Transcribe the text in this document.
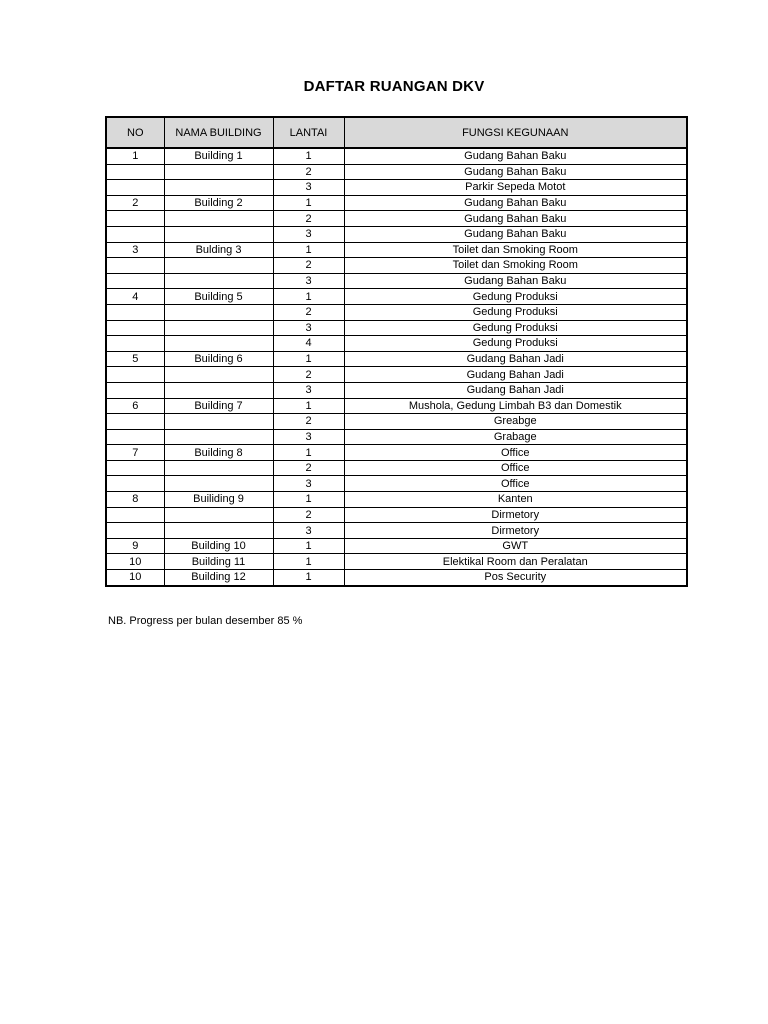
DAFTAR RUANGAN DKV
NO	NAMA BUILDING	LANTAI	FUNGSI KEGUNAAN
1	Building 1	1	Gudang Bahan Baku
		2	Gudang Bahan Baku
		3	Parkir Sepeda Motot
2	Building 2	1	Gudang Bahan Baku
		2	Gudang Bahan Baku
		3	Gudang Bahan Baku
3	Bulding 3	1	Toilet dan Smoking Room
		2	Toilet dan Smoking Room
		3	Gudang Bahan Baku
4	Building 5	1	Gedung Produksi
		2	Gedung Produksi
		3	Gedung Produksi
		4	Gedung Produksi
5	Building 6	1	Gudang Bahan Jadi
		2	Gudang Bahan Jadi
		3	Gudang Bahan Jadi
6	Building 7	1	Mushola, Gedung Limbah B3 dan Domestik
		2	Greabge
		3	Grabage
7	Building 8	1	Office
		2	Office
		3	Office
8	Builiding 9	1	Kanten
		2	Dirmetory
		3	Dirmetory
9	Building 10	1	GWT
10	Building 11	1	Elektikal Room dan Peralatan
10	Building 12	1	Pos Security
NB. Progress per bulan desember 85 %
